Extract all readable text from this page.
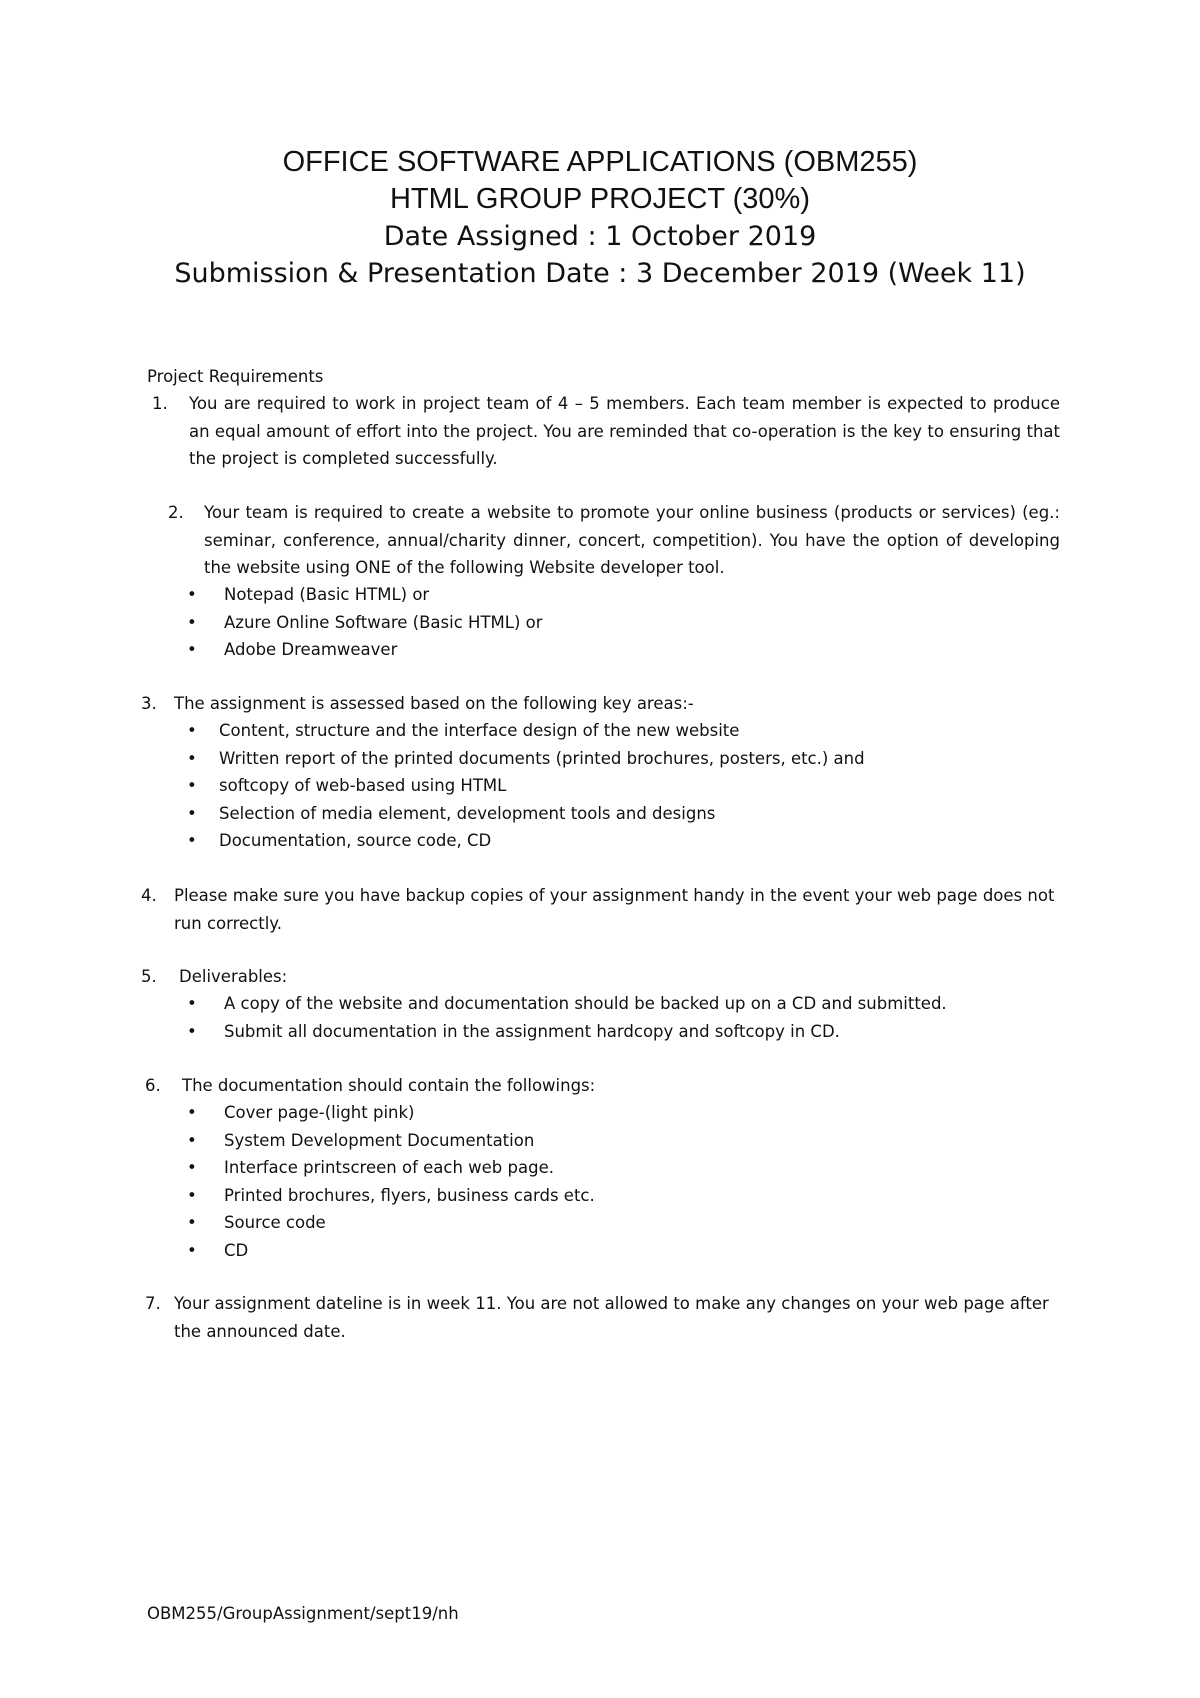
OFFICE SOFTWARE APPLICATIONS (OBM255)
HTML GROUP PROJECT (30%)
Date Assigned : 1 October 2019
Submission & Presentation Date : 3 December 2019 (Week 11)
Project Requirements
1. You are required to work in project team of 4 – 5 members. Each team member is expected to produce an equal amount of effort into the project. You are reminded that co-operation is the key to ensuring that the project is completed successfully.
2. Your team is required to create a website to promote your online business (products or services) (eg.: seminar, conference, annual/charity dinner, concert, competition). You have the option of developing the website using ONE of the following Website developer tool.
• Notepad (Basic HTML) or
• Azure Online Software (Basic HTML) or
• Adobe Dreamweaver
3. The assignment is assessed based on the following key areas:-
• Content, structure and the interface design of the new website
• Written report of the printed documents (printed brochures, posters, etc.) and
• softcopy of web-based using HTML
• Selection of media element, development tools and designs
• Documentation, source code, CD
4. Please make sure you have backup copies of your assignment handy in the event your web page does not run correctly.
5. Deliverables:
• A copy of the website and documentation should be backed up on a CD and submitted.
• Submit all documentation in the assignment hardcopy and softcopy in CD.
6. The documentation should contain the followings:
• Cover page-(light pink)
• System Development Documentation
• Interface printscreen of each web page.
• Printed brochures, flyers, business cards etc.
• Source code
• CD
7. Your assignment dateline is in week 11. You are not allowed to make any changes on your web page after the announced date.
OBM255/GroupAssignment/sept19/nh
